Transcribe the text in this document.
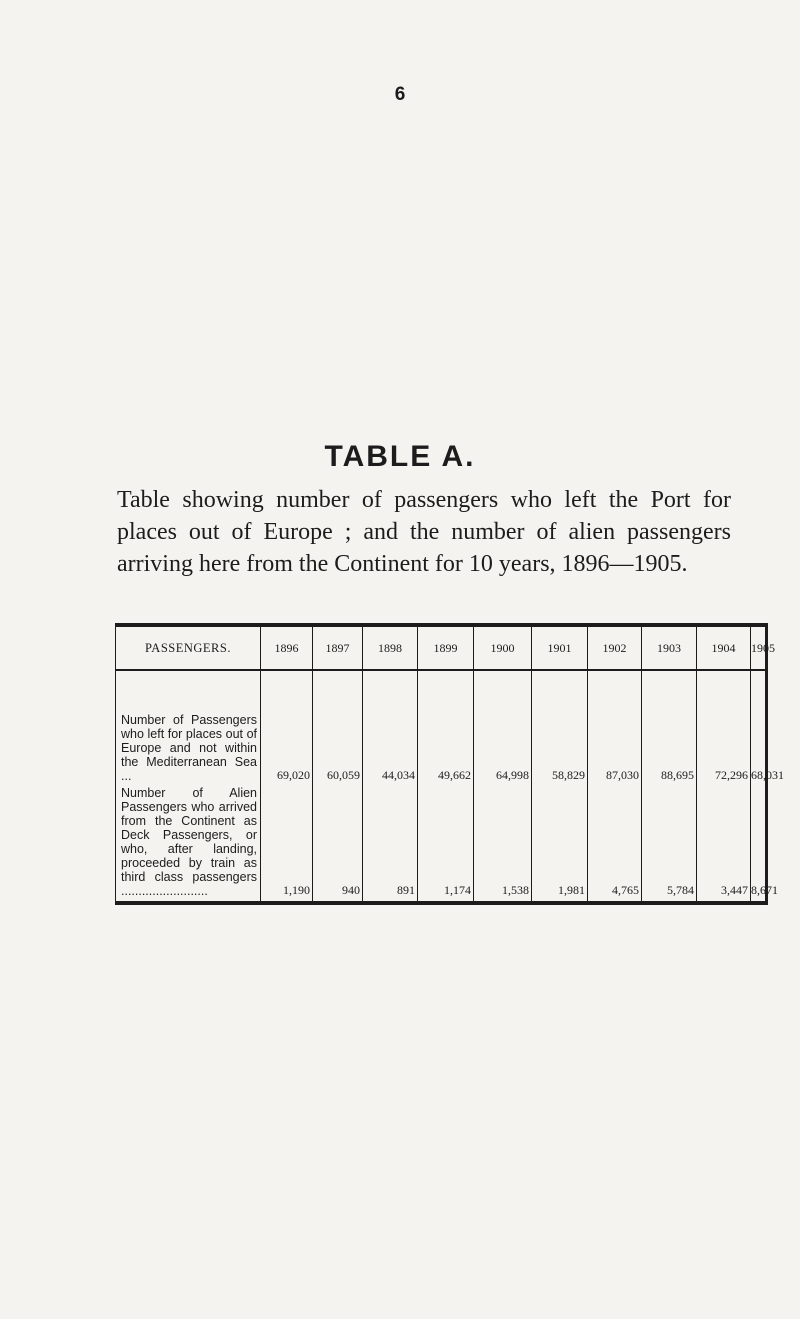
6
TABLE A.
Table showing number of passengers who left the Port for places out of Europe ; and the number of alien passengers arriving here from the Continent for 10 years, 1896—1905.
PASSENGERS.	1896	1897	1898	1899	1900	1901	1902	1903	1904	1905
Number of Passengers who left for places out of Europe and not within the Mediterranean Sea ...	69,020	60,059	44,034	49,662	64,998	58,829	87,030	88,695	72,296	68,031
Number of Alien Passengers who arrived from the Continent as Deck Passengers, or who, after landing, proceeded by train as third class passengers .........................	1,190	940	891	1,174	1,538	1,981	4,765	5,784	3,447	8,671
